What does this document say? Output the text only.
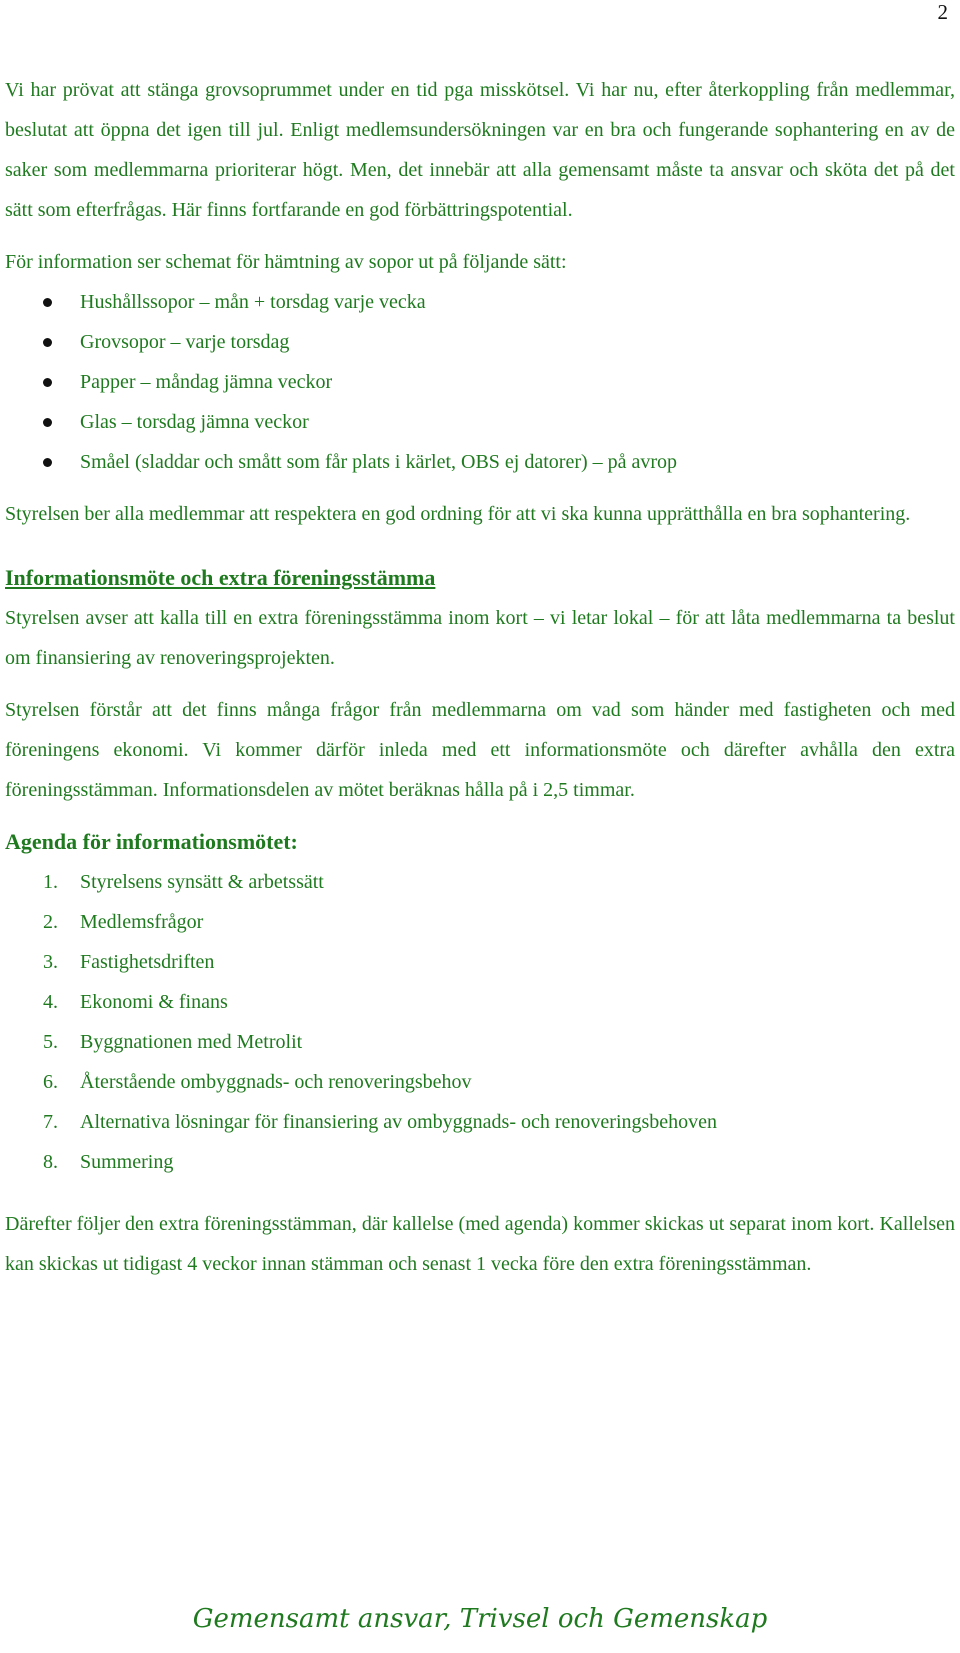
2

Vi har prövat att stänga grovsoprummet under en tid pga misskötsel. Vi har nu, efter återkoppling från medlemmar, beslutat att öppna det igen till jul. Enligt medlemsundersökningen var en bra och fungerande sophantering en av de saker som medlemmarna prioriterar högt. Men, det innebär att alla gemensamt måste ta ansvar och sköta det på det sätt som efterfrågas. Här finns fortfarande en god förbättringspotential.

För information ser schemat för hämtning av sopor ut på följande sätt:

Hushållssopor – mån + torsdag varje vecka
Grovsopor – varje torsdag
Papper – måndag jämna veckor
Glas – torsdag jämna veckor
Småel (sladdar och smått som får plats i kärlet, OBS ej datorer) – på avrop

Styrelsen ber alla medlemmar att respektera en god ordning för att vi ska kunna upprätthålla en bra sophantering.

Informationsmöte och extra föreningsstämma

Styrelsen avser att kalla till en extra föreningsstämma inom kort – vi letar lokal – för att låta medlemmarna ta beslut om finansiering av renoveringsprojekten.

Styrelsen förstår att det finns många frågor från medlemmarna om vad som händer med fastigheten och med föreningens ekonomi. Vi kommer därför inleda med ett informationsmöte och därefter avhålla den extra föreningsstämman. Informationsdelen av mötet beräknas hålla på i 2,5 timmar.

Agenda för informationsmötet:
1. Styrelsens synsätt & arbetssätt
2. Medlemsfrågor
3. Fastighetsdriften
4. Ekonomi & finans
5. Byggnationen med Metrolit
6. Återstående ombyggnads- och renoveringsbehov
7. Alternativa lösningar för finansiering av ombyggnads- och renoveringsbehoven
8. Summering

Därefter följer den extra föreningsstämman, där kallelse (med agenda) kommer skickas ut separat inom kort. Kallelsen kan skickas ut tidigast 4 veckor innan stämman och senast 1 vecka före den extra föreningsstämman.

Gemensamt ansvar, Trivsel och Gemenskap
